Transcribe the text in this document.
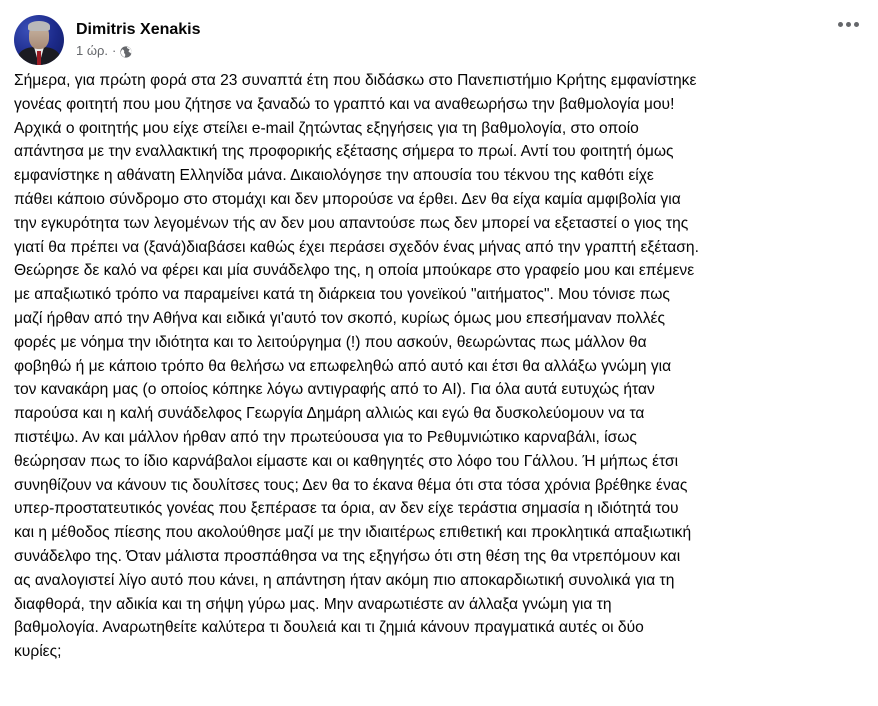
Dimitris Xenakis
1 ώρ. ·
Σήμερα, για πρώτη φορά στα 23 συναπτά έτη που διδάσκω στο Πανεπιστήμιο Κρήτης εμφανίστηκε
γονέας φοιτητή που μου ζήτησε να ξαναδώ το γραπτό και να αναθεωρήσω την βαθμολογία μου!
Αρχικά ο φοιτητής μου είχε στείλει e-mail ζητώντας εξηγήσεις για τη βαθμολογία, στο οποίο
απάντησα με την εναλλακτική της προφορικής εξέτασης σήμερα το πρωί. Αντί του φοιτητή όμως
εμφανίστηκε η αθάνατη Ελληνίδα μάνα. Δικαιολόγησε την απουσία του τέκνου της καθότι είχε
πάθει κάποιο σύνδρομο στο στομάχι και δεν μπορούσε να έρθει. Δεν θα είχα καμία αμφιβολία για
την εγκυρότητα των λεγομένων τής αν δεν μου απαντούσε πως δεν μπορεί να εξεταστεί ο γιος της
γιατί θα πρέπει να (ξανά)διαβάσει καθώς έχει περάσει σχεδόν ένας μήνας από την γραπτή εξέταση.
Θεώρησε δε καλό να φέρει και μία συνάδελφο της, η οποία μπούκαρε στο γραφείο μου και επέμενε
με απαξιωτικό τρόπο να παραμείνει κατά τη διάρκεια του γονεϊκού "αιτήματος". Μου τόνισε πως
μαζί ήρθαν από την Αθήνα και ειδικά γι'αυτό τον σκοπό, κυρίως όμως μου επεσήμαναν πολλές
φορές με νόημα την ιδιότητα και το λειτούργημα (!) που ασκούν, θεωρώντας πως μάλλον θα
φοβηθώ ή με κάποιο τρόπο θα θελήσω να επωφεληθώ από αυτό και έτσι θα αλλάξω γνώμη για
τον κανακάρη μας (ο οποίος κόπηκε λόγω αντιγραφής από το AI). Για όλα αυτά ευτυχώς ήταν
παρούσα και η καλή συνάδελφος Γεωργία Δημάρη αλλιώς και εγώ θα δυσκολεύομουν να τα
πιστέψω. Αν και μάλλον ήρθαν από την πρωτεύουσα για το Ρεθυμνιώτικο καρναβάλι, ίσως
θεώρησαν πως το ίδιο καρνάβαλοι είμαστε και οι καθηγητές στο λόφο του Γάλλου. Ή μήπως έτσι
συνηθίζουν να κάνουν τις δουλίτσες τους; Δεν θα το έκανα θέμα ότι στα τόσα χρόνια βρέθηκε ένας
υπερ-προστατευτικός γονέας που ξεπέρασε τα όρια, αν δεν είχε τεράστια σημασία η ιδιότητά του
και η μέθοδος πίεσης που ακολούθησε μαζί με την ιδιαιτέρως επιθετική και προκλητικά απαξιωτική
συνάδελφο της. Όταν μάλιστα προσπάθησα να της εξηγήσω ότι στη θέση της θα ντρεπόμουν και
ας αναλογιστεί λίγο αυτό που κάνει, η απάντηση ήταν ακόμη πιο αποκαρδιωτική συνολικά για τη
διαφθορά, την αδικία και τη σήψη γύρω μας. Μην αναρωτιέστε αν άλλαξα γνώμη για τη
βαθμολογία. Αναρωτηθείτε καλύτερα τι δουλειά και τι ζημιά κάνουν πραγματικά αυτές οι δύο
κυρίες;
